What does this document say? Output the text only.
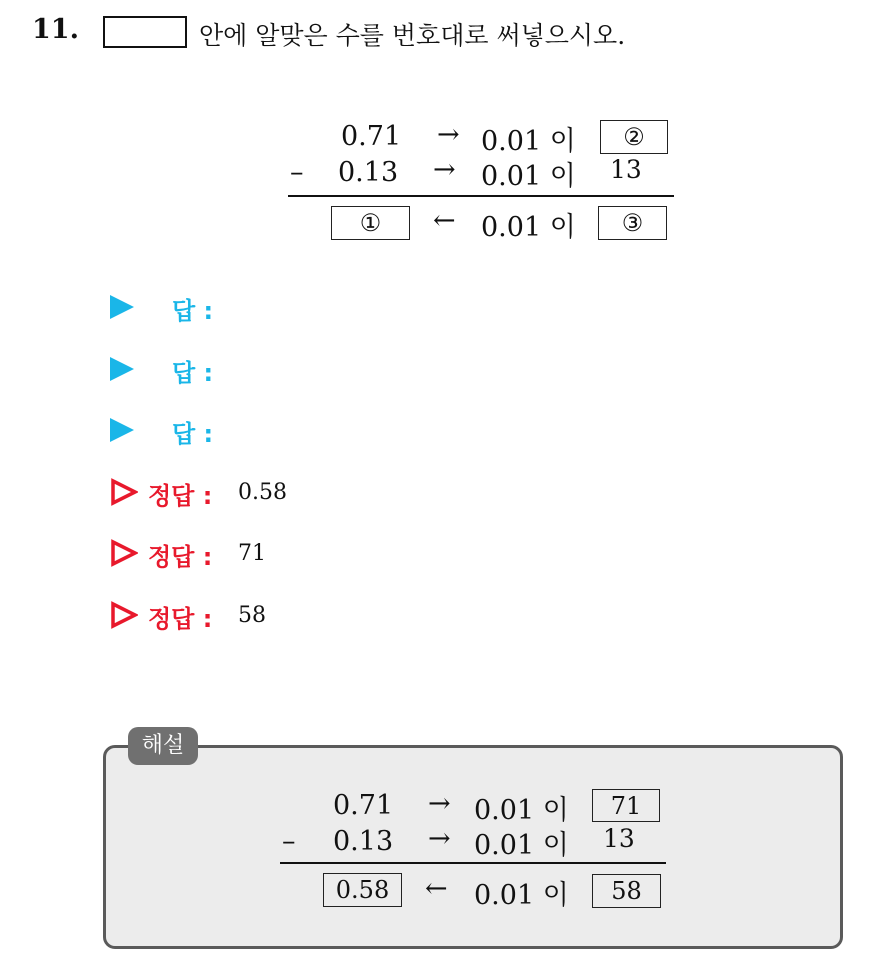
11.	안에 알맞은 수를 번호대로 써넣으시오.
0.71 → 0.01 이	②
– 0.13 → 0.01 이 13
①	← 0.01 이	③
답 :
답 :
답 :
정답 : 0.58
정답 : 71
정답 : 58
해설
0.71 → 0.01 이	71
– 0.13 → 0.01 이 13
0.58	← 0.01 이	58
